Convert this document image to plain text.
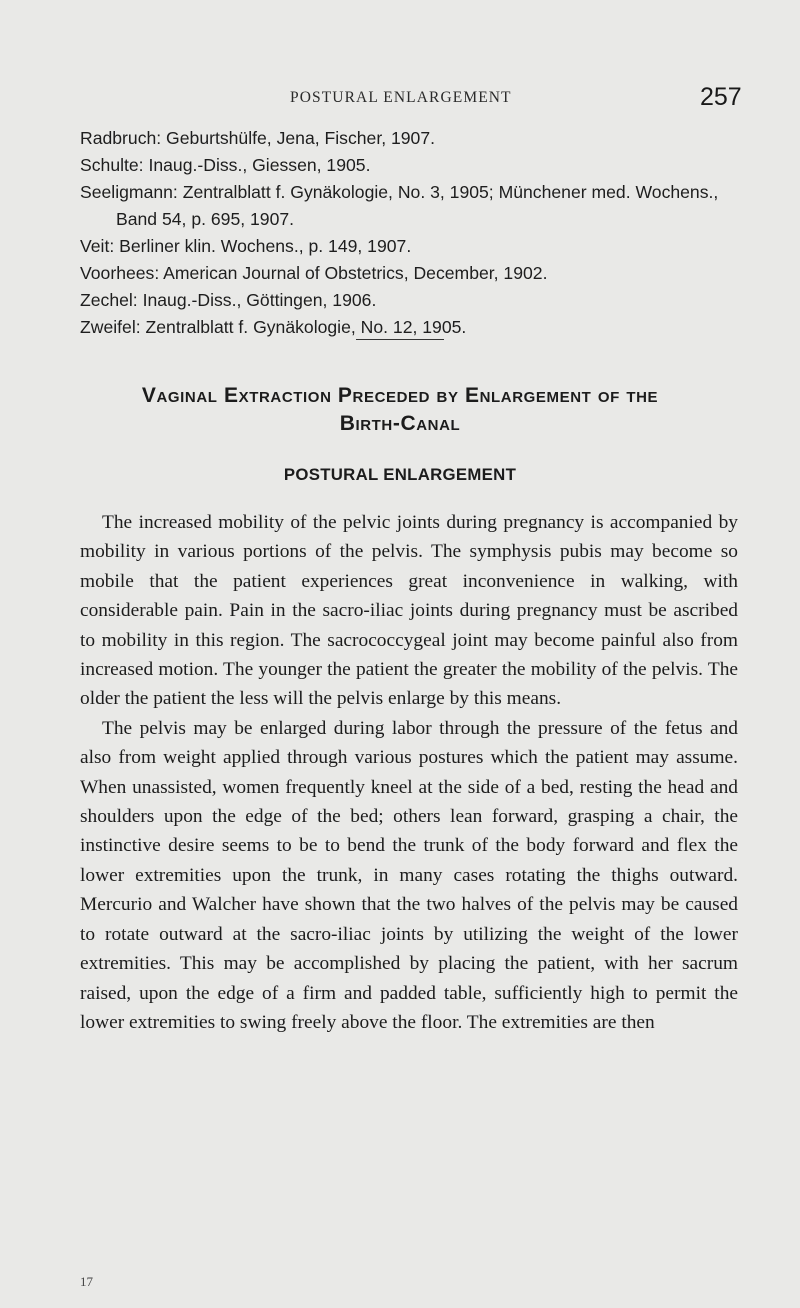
POSTURAL ENLARGEMENT	257
Radbruch: Geburtshülfe, Jena, Fischer, 1907.
Schulte: Inaug.-Diss., Giessen, 1905.
Seeligmann: Zentralblatt f. Gynäkologie, No. 3, 1905; Münchener med. Wochens., Band 54, p. 695, 1907.
Veit: Berliner klin. Wochens., p. 149, 1907.
Voorhees: American Journal of Obstetrics, December, 1902.
Zechel: Inaug.-Diss., Göttingen, 1906.
Zweifel: Zentralblatt f. Gynäkologie, No. 12, 1905.
Vaginal Extraction Preceded by Enlargement of the
Birth-Canal
POSTURAL ENLARGEMENT

The increased mobility of the pelvic joints during pregnancy is accompanied by mobility in various portions of the pelvis. The symphysis pubis may become so mobile that the patient experiences great inconvenience in walking, with considerable pain. Pain in the sacro-iliac joints during pregnancy must be ascribed to mobility in this region. The sacrococcygeal joint may become painful also from increased motion. The younger the patient the greater the mobility of the pelvis. The older the patient the less will the pelvis enlarge by this means.

The pelvis may be enlarged during labor through the pressure of the fetus and also from weight applied through various postures which the patient may assume. When unassisted, women frequently kneel at the side of a bed, resting the head and shoulders upon the edge of the bed; others lean forward, grasping a chair, the instinctive desire seems to be to bend the trunk of the body forward and flex the lower extremities upon the trunk, in many cases rotating the thighs outward. Mercurio and Walcher have shown that the two halves of the pelvis may be caused to rotate outward at the sacro-iliac joints by utilizing the weight of the lower extremities. This may be accomplished by placing the patient, with her sacrum raised, upon the edge of a firm and padded table, sufficiently high to permit the lower extremities to swing freely above the floor. The extremities are then

17
